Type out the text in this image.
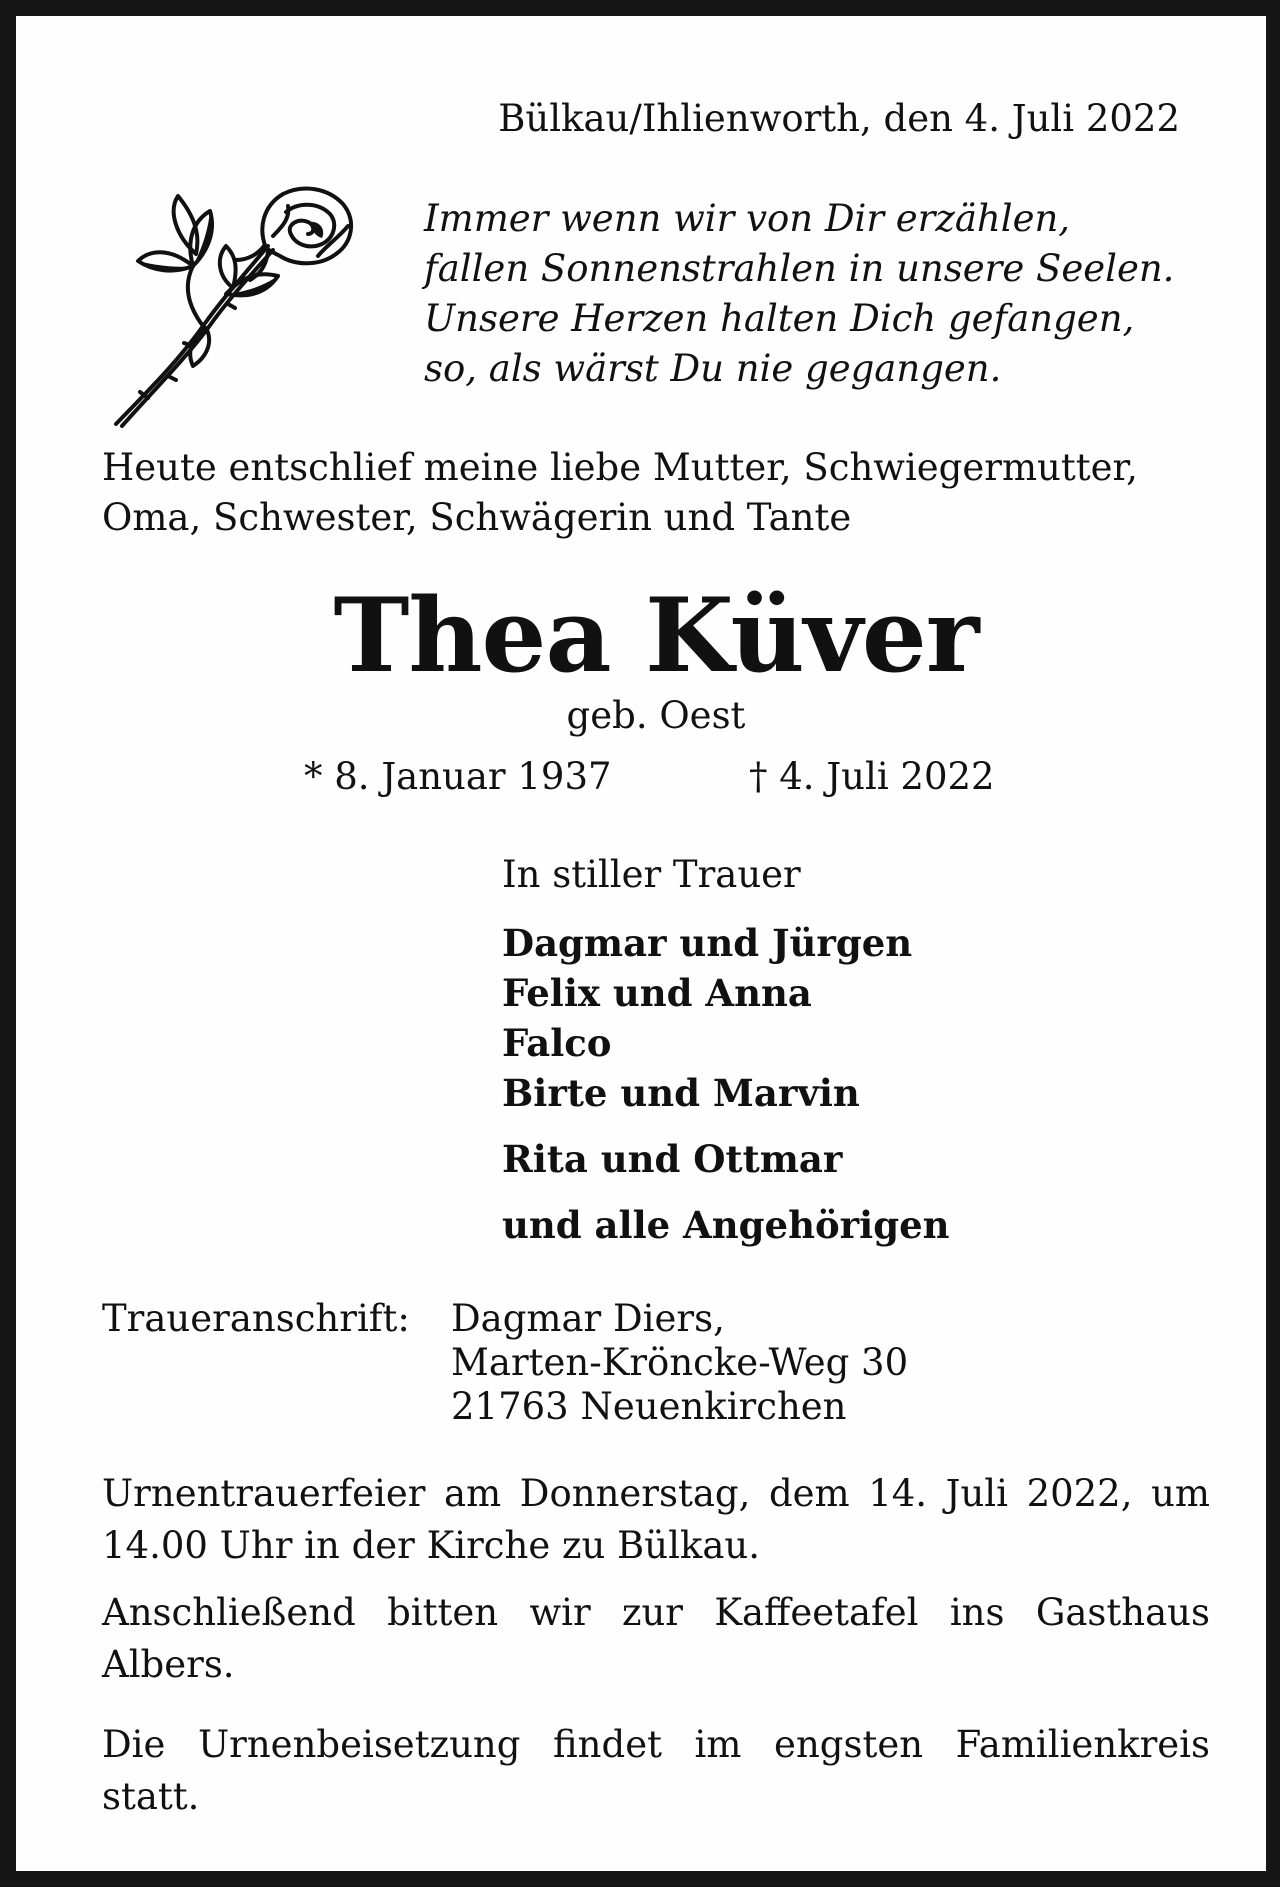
Bülkau/Ihlienworth, den 4. Juli 2022
Immer wenn wir von Dir erzählen,
fallen Sonnenstrahlen in unsere Seelen.
Unsere Herzen halten Dich gefangen,
so, als wärst Du nie gegangen.
Heute entschlief meine liebe Mutter, Schwiegermutter,
Oma, Schwester, Schwägerin und Tante
Thea Küver
geb. Oest
* 8. Januar 1937	† 4. Juli 2022
In stiller Trauer
Dagmar und Jürgen
Felix und Anna
Falco
Birte und Marvin
Rita und Ottmar
und alle Angehörigen
Traueranschrift: Dagmar Diers,
Marten-Kröncke-Weg 30
21763 Neuenkirchen
Urnentrauerfeier am Donnerstag, dem 14. Juli 2022, um
14.00 Uhr in der Kirche zu Bülkau.
Anschließend bitten wir zur Kaffeetafel ins Gasthaus
Albers.
Die Urnenbeisetzung findet im engsten Familienkreis
statt.
